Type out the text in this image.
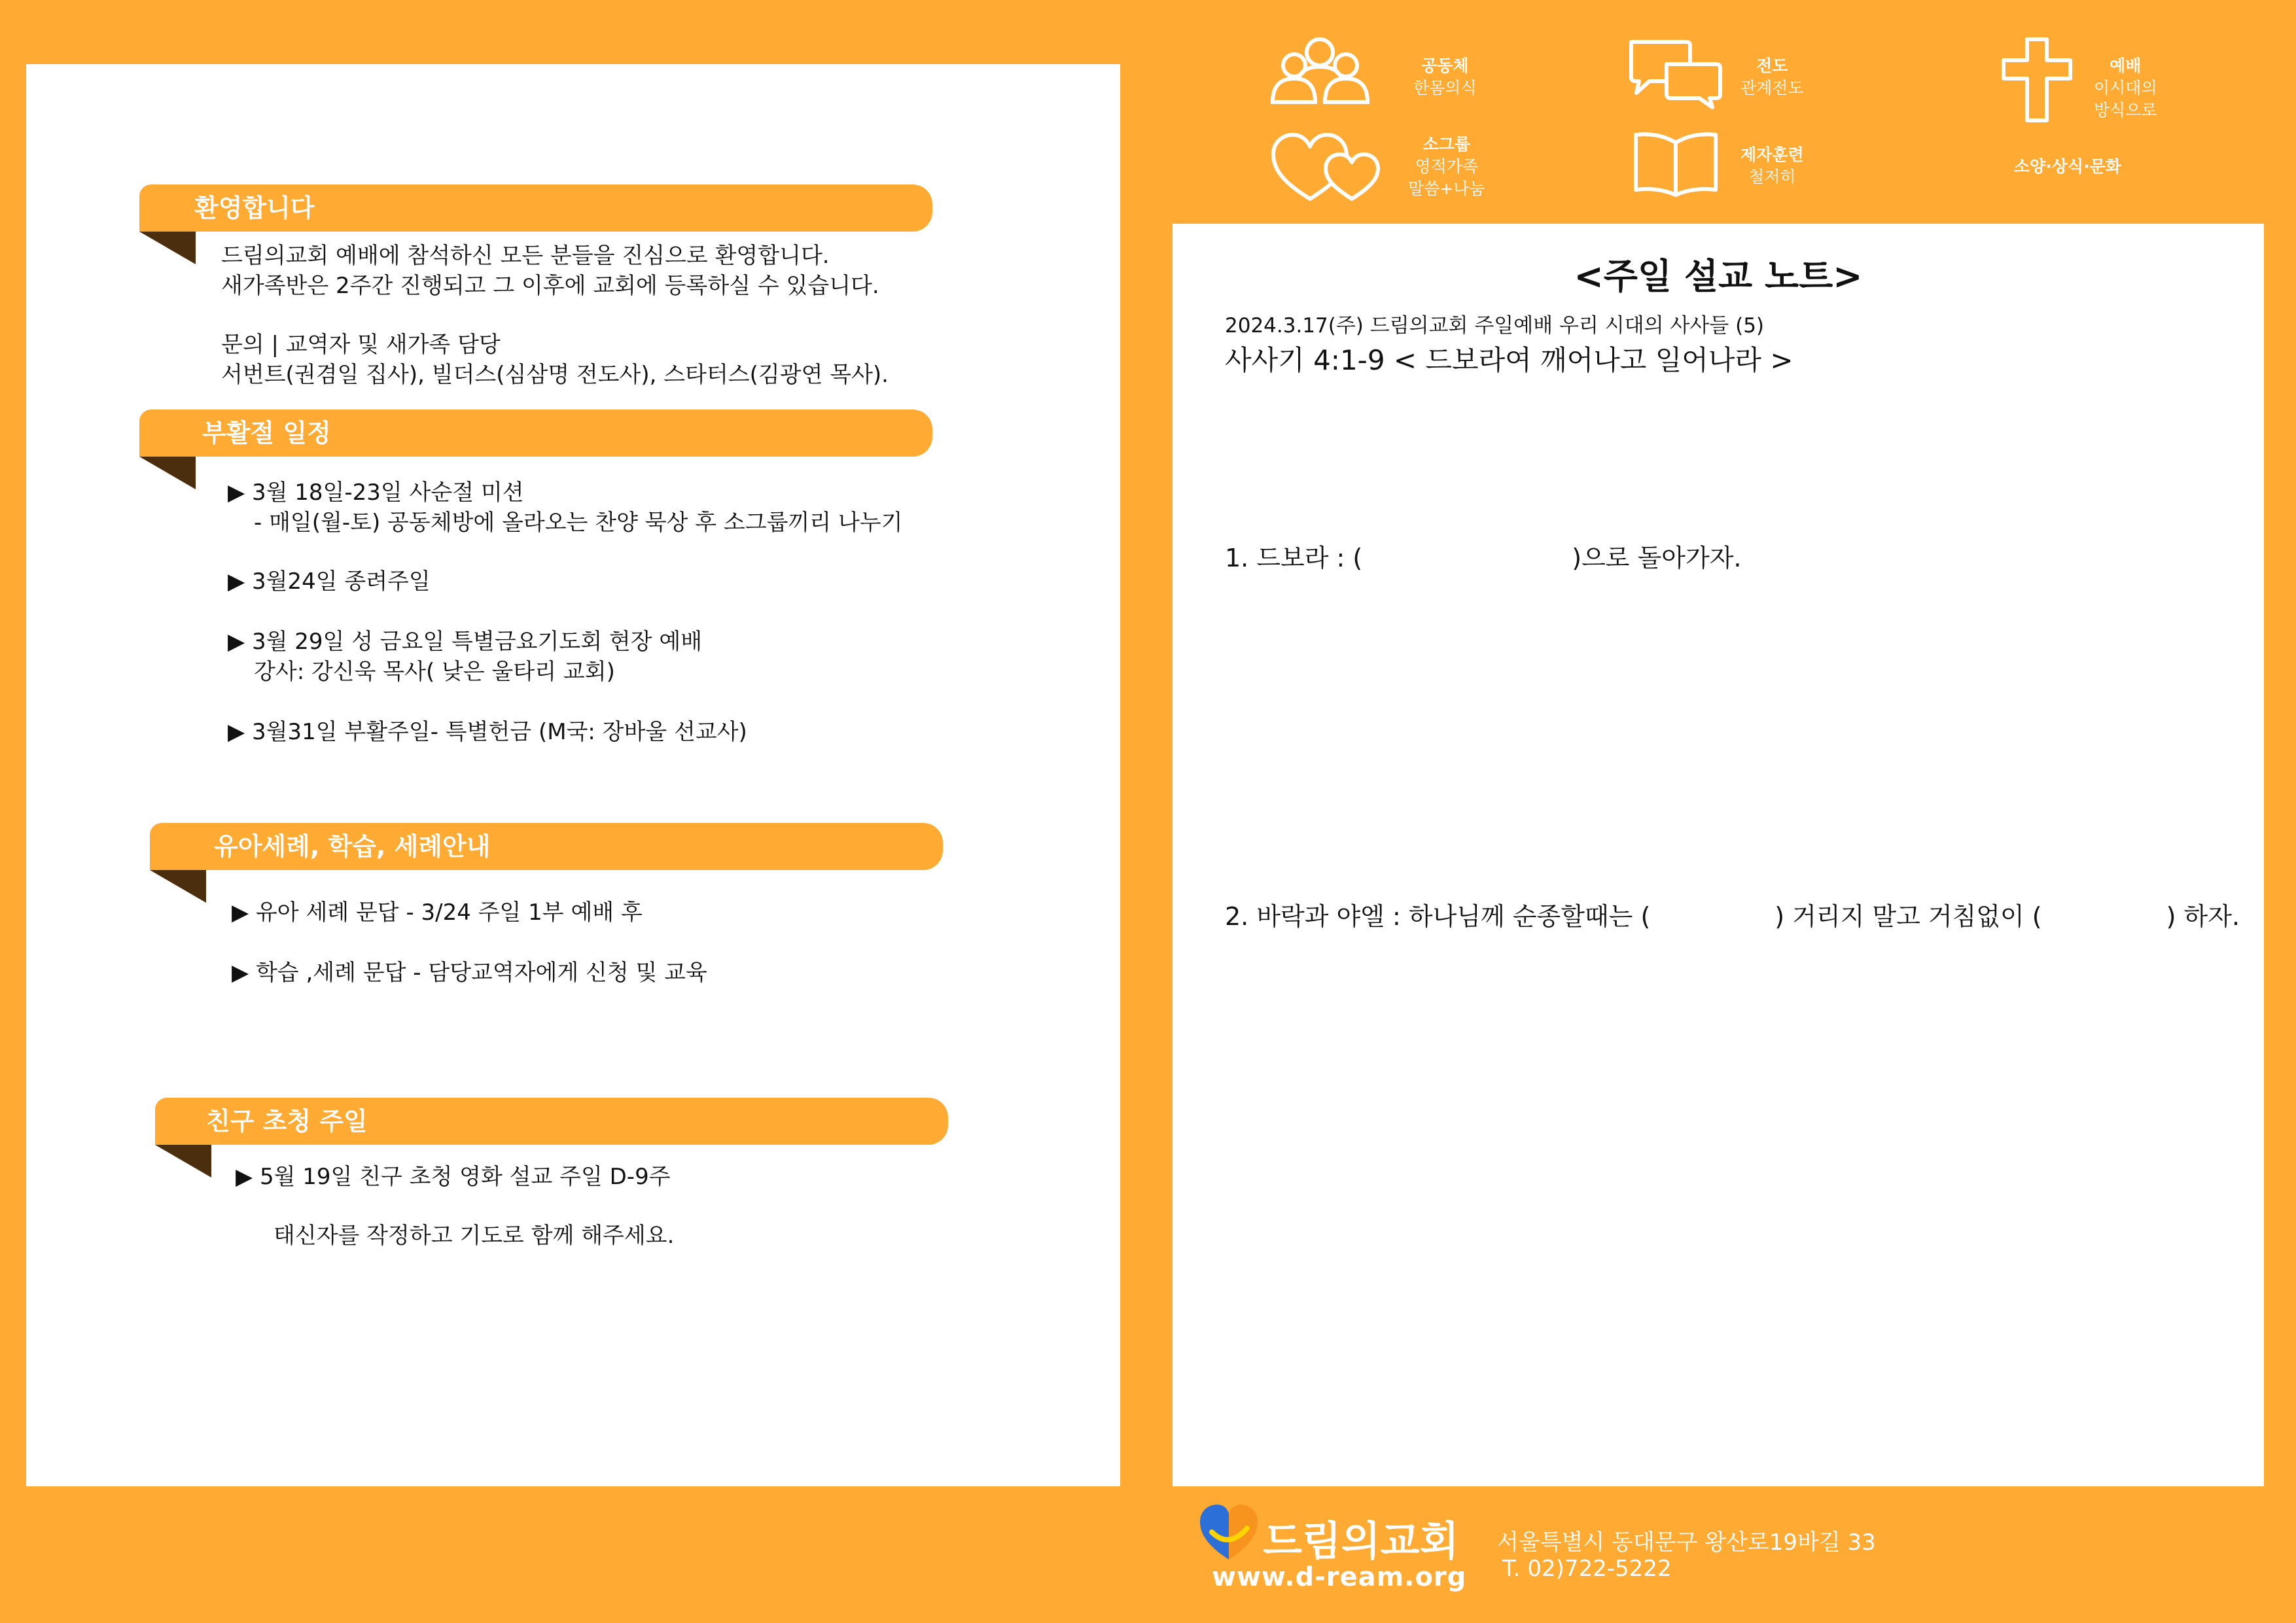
공동체
한몸의식
전도
관계전도
예배
이시대의
방식으로
소그룹
영적가족
말씀+나눔
제자훈련
철저히
소양·상식·문화
환영합니다
드림의교회 예배에 참석하신 모든 분들을 진심으로 환영합니다.
새가족반은 2주간 진행되고 그 이후에 교회에 등록하실 수 있습니다.
문의 | 교역자 및 새가족 담당
서번트(권겸일 집사), 빌더스(심삼명 전도사), 스타터스(김광연 목사).
부활절 일정
▶ 3월 18일-23일 사순절 미션
- 매일(월-토) 공동체방에 올라오는 찬양 묵상 후 소그룹끼리 나누기
▶ 3월24일 종려주일
▶ 3월 29일 성 금요일 특별금요기도회 현장 예배
강사: 강신욱 목사( 낮은 울타리 교회)
▶ 3월31일 부활주일- 특별헌금 (M국: 장바울 선교사)
유아세례, 학습, 세례안내
▶ 유아 세례 문답 - 3/24 주일 1부 예배 후
▶ 학습 ,세례 문답 - 담당교역자에게 신청 및 교육
친구 초청 주일
▶ 5월 19일 친구 초청 영화 설교 주일 D-9주
태신자를 작정하고 기도로 함께 해주세요.
<주일 설교 노트>
2024.3.17(주) 드림의교회 주일예배 우리 시대의 사사들 (5)
사사기 4:1-9 < 드보라여 깨어나고 일어나라 >
1. 드보라 : (	)으로 돌아가자.
2. 바락과 야엘 : 하나님께 순종할때는 (	) 거리지 말고 거침없이 (	) 하자.
드림의교회
www.d-ream.org
서울특별시 동대문구 왕산로19바길 33
T. 02)722-5222
